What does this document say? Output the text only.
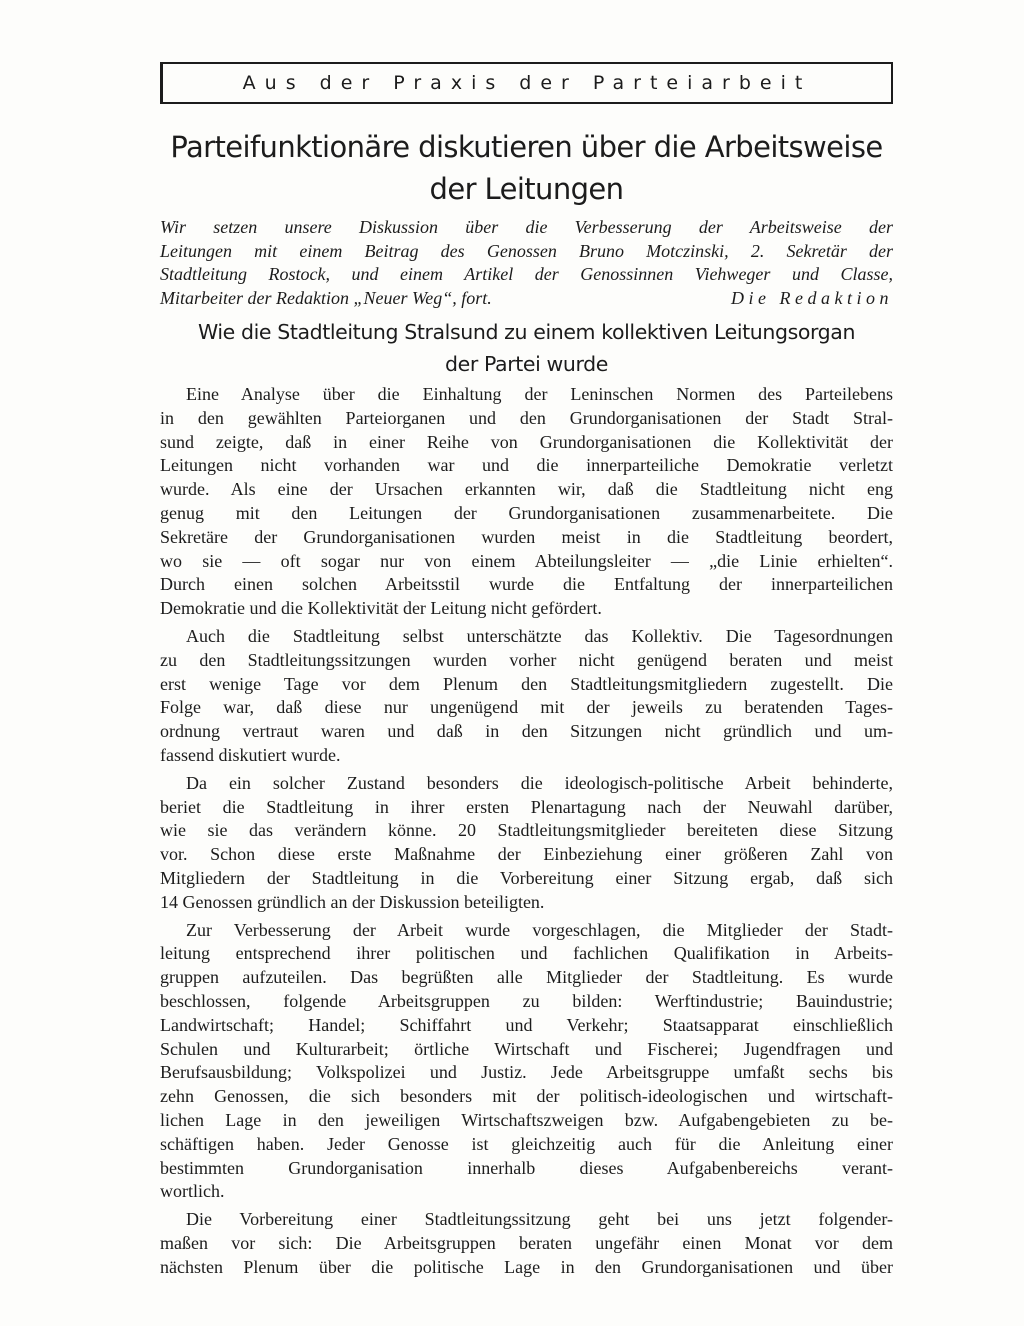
Aus der Praxis der Parteiarbeit
Parteifunktionäre diskutieren über die Arbeitsweise
der Leitungen
Wir setzen unsere Diskussion über die Verbesserung der Arbeitsweise der
Leitungen mit einem Beitrag des Genossen Bruno Motczinski, 2. Sekretär der
Stadtleitung Rostock, und einem Artikel der Genossinnen Viehweger und Classe,
Mitarbeiter der Redaktion „Neuer Weg“, fort.	Die Redaktion
Wie die Stadtleitung Stralsund zu einem kollektiven Leitungsorgan
der Partei wurde
Eine Analyse über die Einhaltung der Leninschen Normen des Parteilebens
in den gewählten Parteiorganen und den Grundorganisationen der Stadt Stral-
sund zeigte, daß in einer Reihe von Grundorganisationen die Kollektivität der
Leitungen nicht vorhanden war und die innerparteiliche Demokratie verletzt
wurde. Als eine der Ursachen erkannten wir, daß die Stadtleitung nicht eng
genug mit den Leitungen der Grundorganisationen zusammenarbeitete. Die
Sekretäre der Grundorganisationen wurden meist in die Stadtleitung beordert,
wo sie — oft sogar nur von einem Abteilungsleiter — „die Linie erhielten“.
Durch einen solchen Arbeitsstil wurde die Entfaltung der innerparteilichen
Demokratie und die Kollektivität der Leitung nicht gefördert.
Auch die Stadtleitung selbst unterschätzte das Kollektiv. Die Tagesordnungen
zu den Stadtleitungssitzungen wurden vorher nicht genügend beraten und meist
erst wenige Tage vor dem Plenum den Stadtleitungsmitgliedern zugestellt. Die
Folge war, daß diese nur ungenügend mit der jeweils zu beratenden Tages-
ordnung vertraut waren und daß in den Sitzungen nicht gründlich und um-
fassend diskutiert wurde.
Da ein solcher Zustand besonders die ideologisch-politische Arbeit behinderte,
beriet die Stadtleitung in ihrer ersten Plenartagung nach der Neuwahl darüber,
wie sie das verändern könne. 20 Stadtleitungsmitglieder bereiteten diese Sitzung
vor. Schon diese erste Maßnahme der Einbeziehung einer größeren Zahl von
Mitgliedern der Stadtleitung in die Vorbereitung einer Sitzung ergab, daß sich
14 Genossen gründlich an der Diskussion beteiligten.
Zur Verbesserung der Arbeit wurde vorgeschlagen, die Mitglieder der Stadt-
leitung entsprechend ihrer politischen und fachlichen Qualifikation in Arbeits-
gruppen aufzuteilen. Das begrüßten alle Mitglieder der Stadtleitung. Es wurde
beschlossen, folgende Arbeitsgruppen zu bilden: Werftindustrie; Bauindustrie;
Landwirtschaft; Handel; Schiffahrt und Verkehr; Staatsapparat einschließlich
Schulen und Kulturarbeit; örtliche Wirtschaft und Fischerei; Jugendfragen und
Berufsausbildung; Volkspolizei und Justiz. Jede Arbeitsgruppe umfaßt sechs bis
zehn Genossen, die sich besonders mit der politisch-ideologischen und wirtschaft-
lichen Lage in den jeweiligen Wirtschaftszweigen bzw. Aufgabengebieten zu be-
schäftigen haben. Jeder Genosse ist gleichzeitig auch für die Anleitung einer
bestimmten Grundorganisation innerhalb dieses Aufgabenbereichs verant-
wortlich.
Die Vorbereitung einer Stadtleitungssitzung geht bei uns jetzt folgender-
maßen vor sich: Die Arbeitsgruppen beraten ungefähr einen Monat vor dem
nächsten Plenum über die politische Lage in den Grundorganisationen und über
